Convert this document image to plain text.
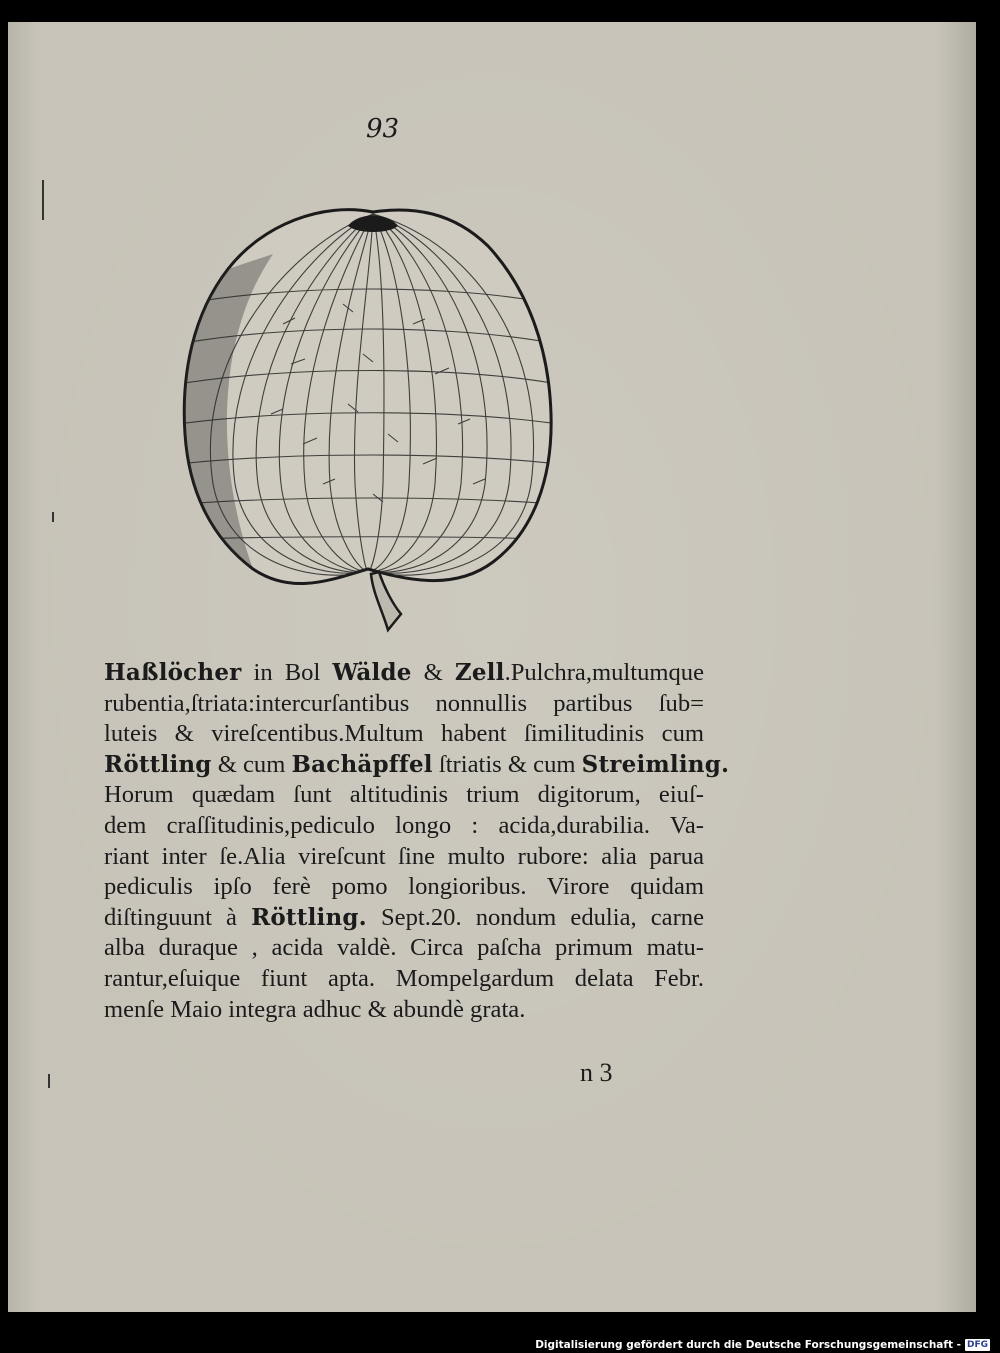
93
Haßlöcher in Bol Wälde & Zell.Pulchra,multumque
rubentia,ſtriata:intercurſantibus nonnullis partibus ſub=
luteis & vireſcentibus.Multum habent ſimilitudinis cum
Röttling & cum Bachäpffel ſtriatis & cum Streimling.
Horum quædam ſunt altitudinis trium digitorum, eiuſ-
dem craſſitudinis,pediculo longo : acida,durabilia. Va-
riant inter ſe.Alia vireſcunt ſine multo rubore: alia parua
pediculis ipſo ferè pomo longioribus. Virore quidam
diſtinguunt à Röttling. Sept.20. nondum edulia, carne
alba duraque , acida valdè. Circa paſcha primum matu-
rantur,eſuique fiunt apta. Mompelgardum delata Febr.
menſe Maio integra adhuc & abundè grata.
n 3
Digitalisierung gefördert durch die Deutsche Forschungsgemeinschaft - DFG
